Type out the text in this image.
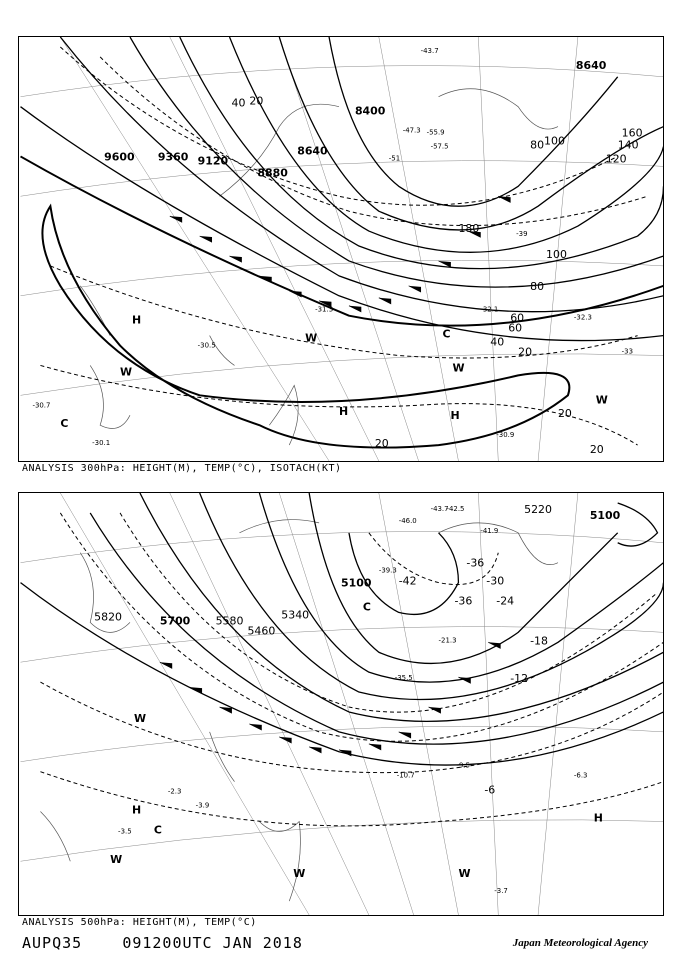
9600 9360 9120
8880
8640
8400
8640
20
40
60
80
100
120
140
160
180
20
40
60
80 100
20
20
20
H
H	H
C
C
W
W
W
W
-30.5
-30.9
-31.3	-32.1
-32.3
-33
-39
-43.7
-47.3
-51
-55.9
-57.5
-30.7
-30.1
ANALYSIS 300hPa: HEIGHT(M), TEMP(°C), ISOTACH(KT)
5820	5700 5580
5460
5340
5100
5220	5100
-42
-36
-30
-24
-18
-12
-6
-36
H
H
C
C
W
W
W	W
-42.5
-43.7
-41.9
-46.0
-39.3
-35.5
-21.3
-9.5
-6.3
-10.7
-3.7
-3.5
-2.3
-3.9
ANALYSIS 500hPa: HEIGHT(M), TEMP(°C)
AUPQ35	091200UTC JAN 2018	Japan Meteorological Agency
